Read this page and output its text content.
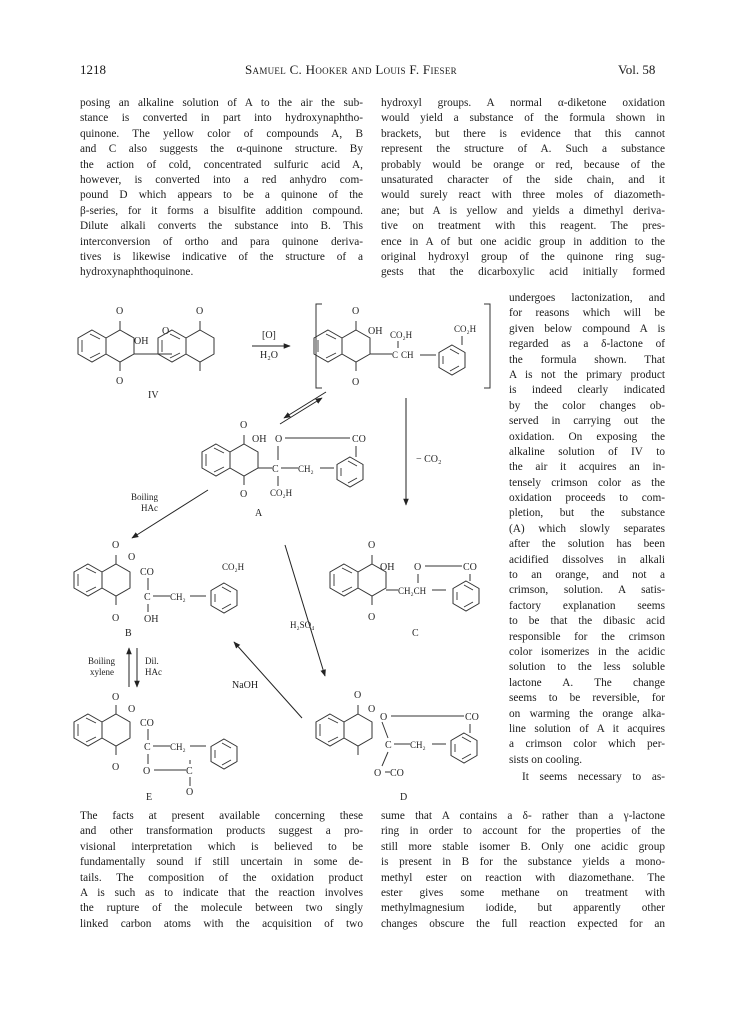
1218	Samuel C. Hooker and Louis F. Fieser	Vol. 58
posing an alkaline solution of A to the air the sub-
stance is converted in part into hydroxynaphtho-
quinone. The yellow color of compounds A, B
and C also suggests the α-quinone structure. By
the action of cold, concentrated sulfuric acid A,
however, is converted into a red anhydro com-
pound D which appears to be a quinone of the
β-series, for it forms a bisulfite addition compound.
Dilute alkali converts the substance into B. This
interconversion of ortho and para quinone deriva-
tives is likewise indicative of the structure of a
hydroxynaphthoquinone.
hydroxyl groups. A normal α-diketone oxidation
would yield a substance of the formula shown in
brackets, but there is evidence that this cannot
represent the structure of A. Such a substance
probably would be orange or red, because of the
unsaturated character of the side chain, and it
would surely react with three moles of diazometh-
ane; but A is yellow and yields a dimethyl deriva-
tive on treatment with this reagent. The pres-
ence in A of but one acidic group in addition to the
original hydroxyl group of the quinone ring sug-
gests that the dicarboxylic acid initially formed
undergoes lactonization, and
for reasons which will be
given below compound A is
regarded as a δ-lactone of
the formula shown. That
A is not the primary product
is indeed clearly indicated
by the color changes ob-
served in carrying out the
oxidation. On exposing the
alkaline solution of IV to
the air it acquires an in-
tensely crimson color as the
oxidation proceeds to com-
pletion, but the substance
(A) which slowly separates
after the solution has been
acidified dissolves in alkali
to an orange, and not a
crimson, solution. A satis-
factory explanation seems
to be that the dibasic acid
responsible for the crimson
color isomerizes in the acidic
solution to the less soluble
lactone A. The change
seems to be reversible, for
on warming the orange alka-
line solution of A it acquires
a crimson color which per-
sists on cooling.
It seems necessary to as-
The facts at present available concerning these
and other transformation products suggest a pro-
visional interpretation which is believed to be
fundamentally sound if still uncertain in some de-
tails. The composition of the oxidation product
A is such as to indicate that the reaction involves
the rupture of the molecule between two singly
linked carbon atoms with the acquisition of two
sume that A contains a δ- rather than a γ-lactone
ring in order to account for the properties of the
still more stable isomer B. Only one acidic group
is present in B for the substance yields a mono-
methyl ester on reaction with diazomethane. The
ester gives some methane on treatment with
methylmagnesium iodide, but apparently other
changes obscure the full reaction expected for an
O
O
OH
O
O
IV
[O]
H₂O
O
O
OH CO₂H
CO₂H
C CH
− CO₂
O
O
OH O	CO
C CH₂
CO₂H
A
Boiling
HAc
O
O
O
CO
C CH₂
CO₂H
OH
B
Boiling
xylene
Dil.
HAc
O
O
O
CO
C CH₂
O	C
O
E
H₂SO₄
NaOH
O
O
OH O	CO
CH₂CH
C
O
O
O	CO
C CH₂
O CO
D
